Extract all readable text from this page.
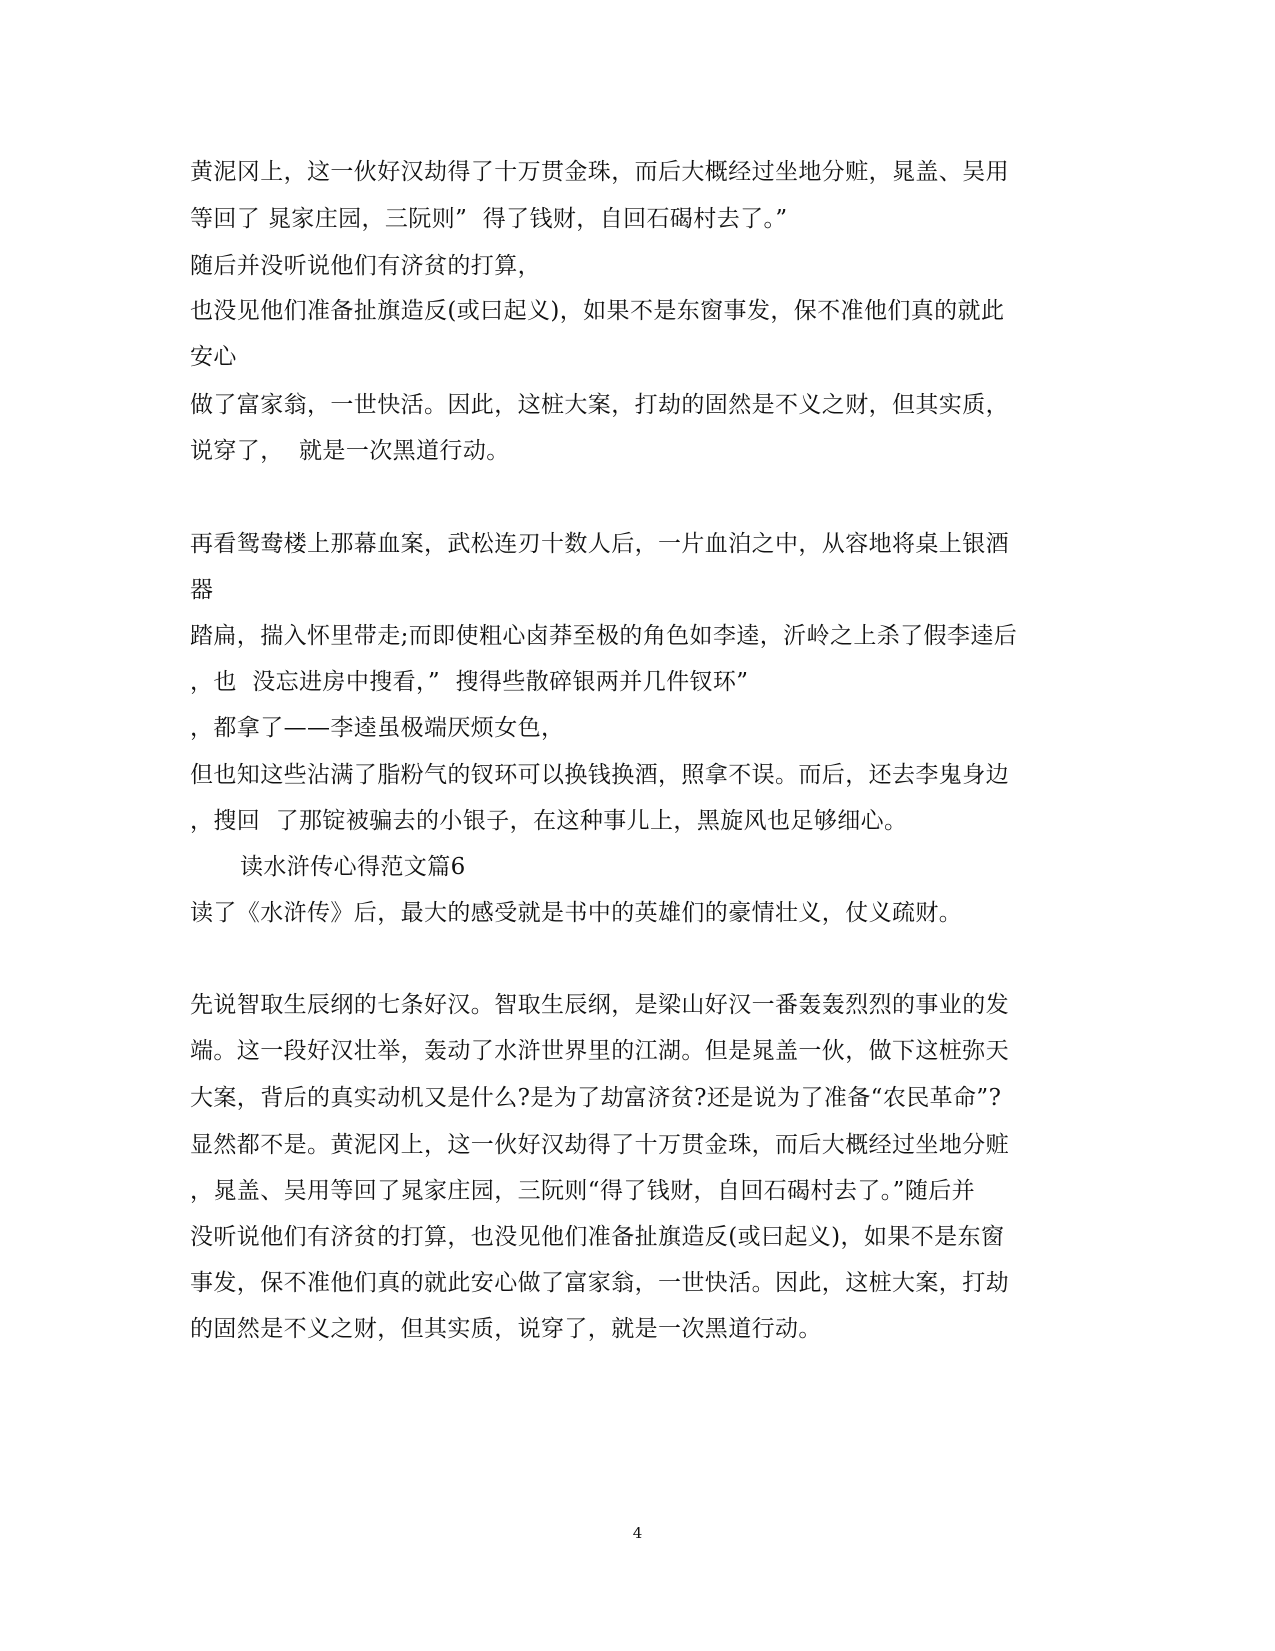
黄泥冈上，这一伙好汉劫得了十万贯金珠，而后大概经过坐地分赃，晁盖、吴用
等回了 晁家庄园，三阮则”  得了钱财，自回石碣村去了。”
随后并没听说他们有济贫的打算，
也没见他们准备扯旗造反(或曰起义)，如果不是东窗事发，保不准他们真的就此
安心
做了富家翁，一世快活。因此，这桩大案，打劫的固然是不义之财，但其实质，
说穿了，  就是一次黑道行动。
再看鸳鸯楼上那幕血案，武松连刃十数人后，一片血泊之中，从容地将桌上银酒
器
踏扁，揣入怀里带走;而即使粗心卤莽至极的角色如李逵，沂岭之上杀了假李逵后
，也  没忘进房中搜看，”  搜得些散碎银两并几件钗环”
，都拿了——李逵虽极端厌烦女色，
但也知这些沾满了脂粉气的钗环可以换钱换酒，照拿不误。而后，还去李鬼身边
，搜回  了那锭被骗去的小银子，在这种事儿上，黑旋风也足够细心。
读水浒传心得范文篇6
读了《水浒传》后，最大的感受就是书中的英雄们的豪情壮义，仗义疏财。
先说智取生辰纲的七条好汉。智取生辰纲，是梁山好汉一番轰轰烈烈的事业的发
端。这一段好汉壮举，轰动了水浒世界里的江湖。但是晁盖一伙，做下这桩弥天
大案，背后的真实动机又是什么?是为了劫富济贫?还是说为了准备“农民革命”?
显然都不是。黄泥冈上，这一伙好汉劫得了十万贯金珠，而后大概经过坐地分赃
，晁盖、吴用等回了晁家庄园，三阮则“得了钱财，自回石碣村去了。”随后并
没听说他们有济贫的打算，也没见他们准备扯旗造反(或曰起义)，如果不是东窗
事发，保不准他们真的就此安心做了富家翁，一世快活。因此，这桩大案，打劫
的固然是不义之财，但其实质，说穿了，就是一次黑道行动。
4
